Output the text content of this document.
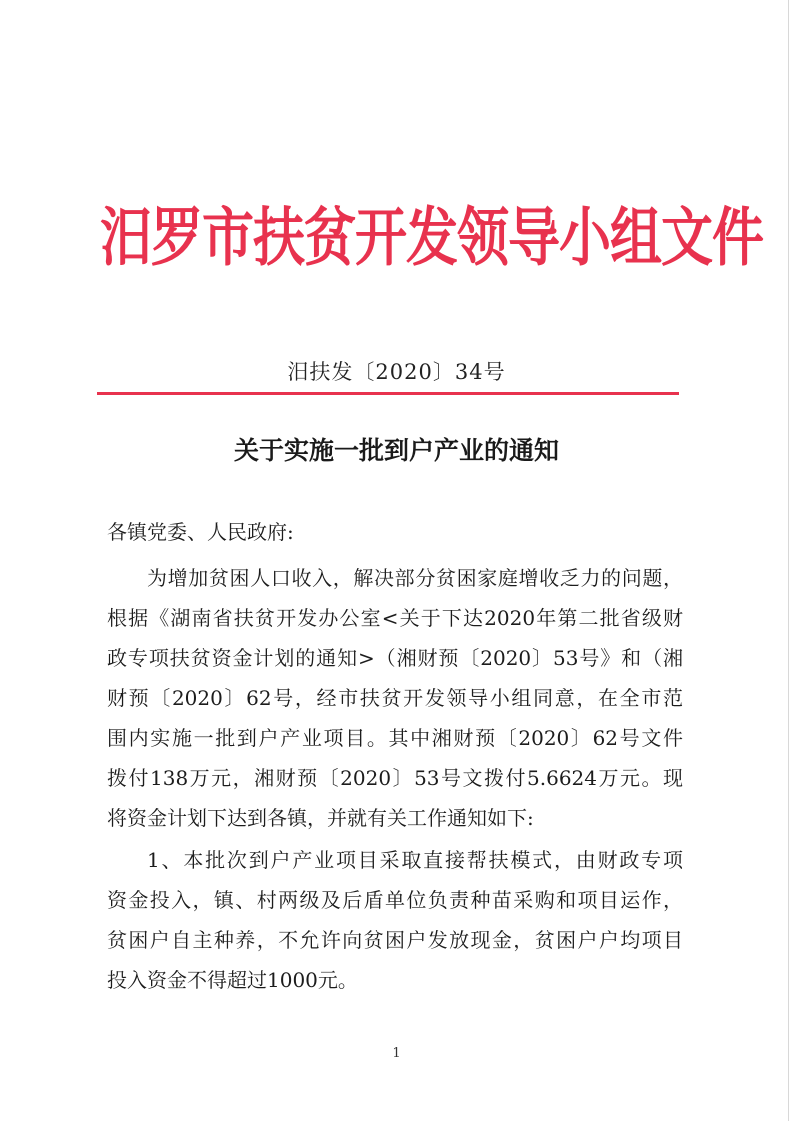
汨罗市扶贫开发领导小组文件
汨扶发〔2020〕34号
关于实施一批到户产业的通知
各镇党委、人民政府:
为增加贫困人口收入，解决部分贫困家庭增收乏力的问题，
根据《湖南省扶贫开发办公室<关于下达2020年第二批省级财
政专项扶贫资金计划的通知>（湘财预〔2020〕53号》和（湘
财预〔2020〕62号，经市扶贫开发领导小组同意，在全市范
围内实施一批到户产业项目。其中湘财预〔2020〕62号文件
拨付138万元，湘财预〔2020〕53号文拨付5.6624万元。现
将资金计划下达到各镇，并就有关工作通知如下:
1、本批次到户产业项目采取直接帮扶模式，由财政专项
资金投入，镇、村两级及后盾单位负责种苗采购和项目运作，
贫困户自主种养，不允许向贫困户发放现金，贫困户户均项目
投入资金不得超过1000元。
1
